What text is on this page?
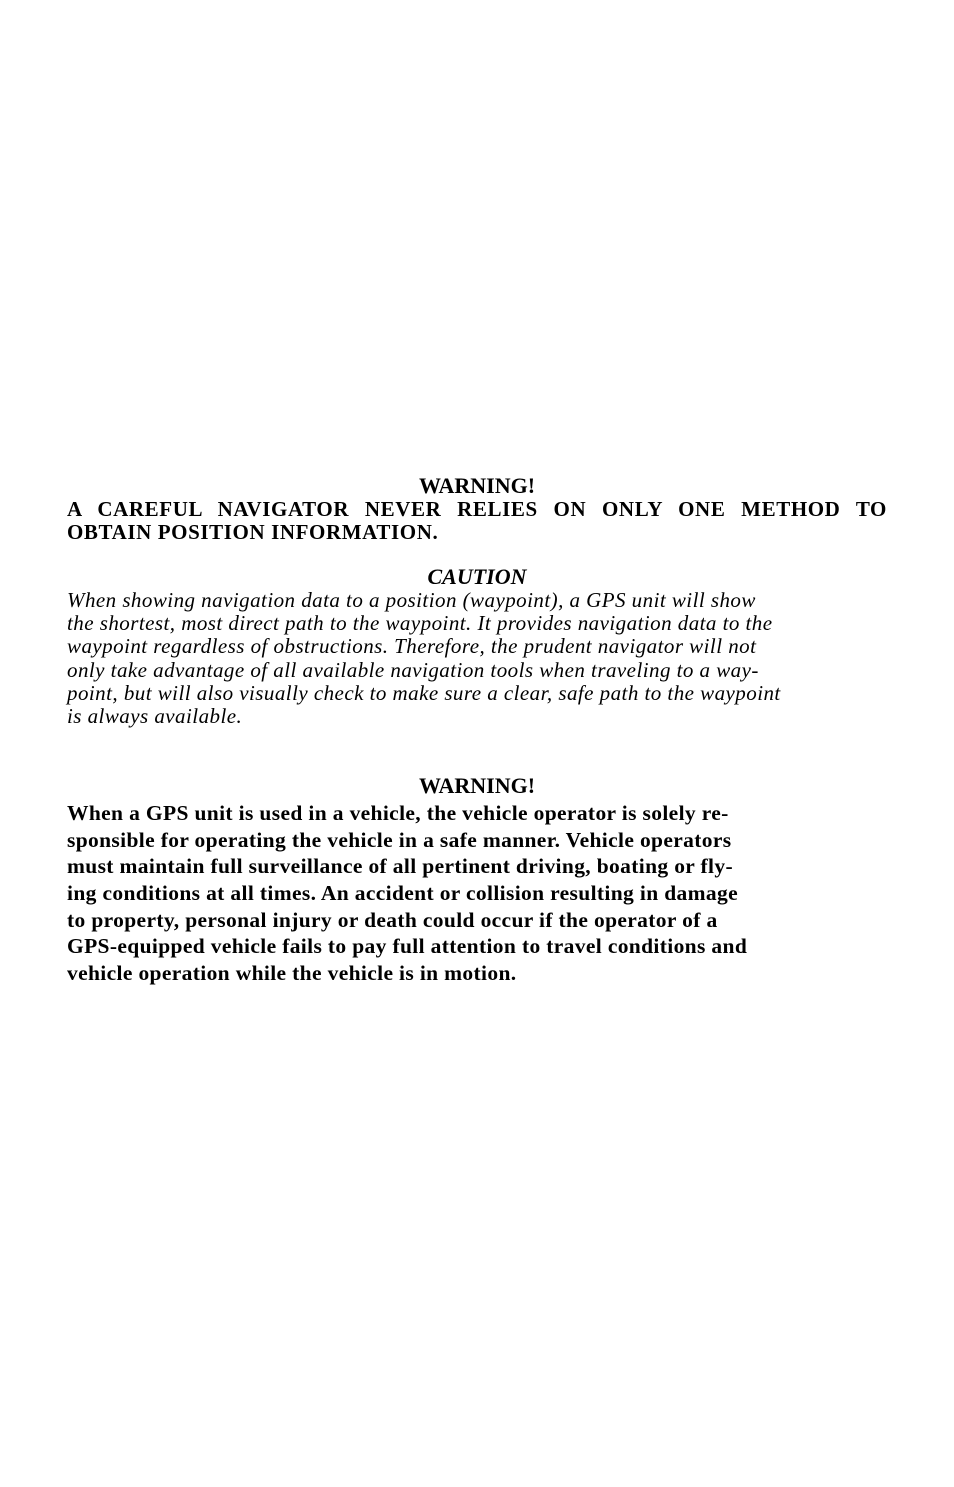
WARNING!

A CAREFUL NAVIGATOR NEVER RELIES ON ONLY ONE METHOD TO OBTAIN POSITION INFORMATION.

CAUTION

When showing navigation data to a position (waypoint), a GPS unit will show
the shortest, most direct path to the waypoint. It provides navigation data to the
waypoint regardless of obstructions. Therefore, the prudent navigator will not
only take advantage of all available navigation tools when traveling to a way-
point, but will also visually check to make sure a clear, safe path to the waypoint
is always available.

WARNING!

When a GPS unit is used in a vehicle, the vehicle operator is solely re-
sponsible for operating the vehicle in a safe manner. Vehicle operators
must maintain full surveillance of all pertinent driving, boating or fly-
ing conditions at all times. An accident or collision resulting in damage
to property, personal injury or death could occur if the operator of a
GPS-equipped vehicle fails to pay full attention to travel conditions and
vehicle operation while the vehicle is in motion.
